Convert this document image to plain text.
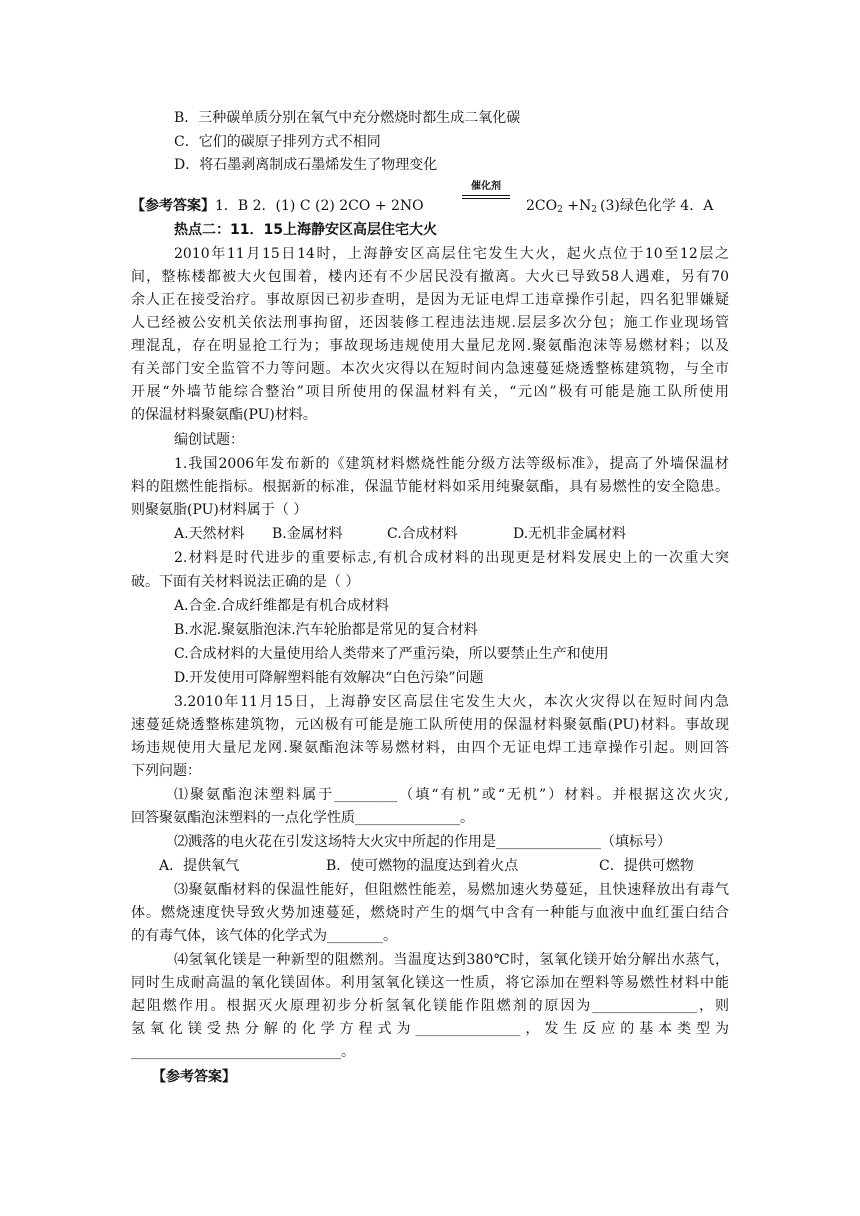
B．三种碳单质分别在氧气中充分燃烧时都生成二氧化碳
C．它们的碳原子排列方式不相同
D．将石墨剥离制成石墨烯发生了物理变化
【参考答案】1．B 2．(1) C (2) 2CO + 2NO
催化剂
$2CO_2 +N_2$ (3)绿色化学 4．A
热点二：11．15上海静安区高层住宅大火
2010年11月15日14时，上海静安区高层住宅发生大火，起火点位于10至12层之
间，整栋楼都被大火包围着，楼内还有不少居民没有撤离。大火已导致58人遇难，另有70
余人正在接受治疗。事故原因已初步查明，是因为无证电焊工违章操作引起，四名犯罪嫌疑
人已经被公安机关依法刑事拘留，还因装修工程违法违规.层层多次分包；施工作业现场管
理混乱，存在明显抢工行为；事故现场违规使用大量尼龙网.聚氨酯泡沫等易燃材料；以及
有关部门安全监管不力等问题。本次火灾得以在短时间内急速蔓延烧透整栋建筑物，与全市
开展“外墙节能综合整治”项目所使用的保温材料有关，“元凶”极有可能是施工队所使用
的保温材料聚氨酯(PU)材料。
编创试题：
1.我国2006年发布新的《建筑材料燃烧性能分级方法等级标准》，提高了外墙保温材
料的阻燃性能指标。根据新的标准，保温节能材料如采用纯聚氨酯，具有易燃性的安全隐患。
则聚氨脂(PU)材料属于（ ）
A.天然材料 B.金属材料	C.合成材料	D.无机非金属材料
2.材料是时代进步的重要标志,有机合成材料的出现更是材料发展史上的一次重大突
破。下面有关材料说法正确的是（ ）
A.合金.合成纤维都是有机合成材料
B.水泥.聚氨脂泡沫.汽车轮胎都是常见的复合材料
C.合成材料的大量使用给人类带来了严重污染，所以要禁止生产和使用
D.开发使用可降解塑料能有效解决“白色污染”问题
3.2010年11月15日，上海静安区高层住宅发生大火，本次火灾得以在短时间内急
速蔓延烧透整栋建筑物，元凶极有可能是施工队所使用的保温材料聚氨酯(PU)材料。事故现
场违规使用大量尼龙网.聚氨酯泡沫等易燃材料，由四个无证电焊工违章操作引起。则回答
下列问题：
⑴聚氨酯泡沫塑料属于_________（填“有机”或“无机”）材料。并根据这次火灾,
回答聚氨酯泡沫塑料的一点化学性质_______________。
⑵溅落的电火花在引发这场特大火灾中所起的作用是_______________（填标号）
A．提供氧气	B．使可燃物的温度达到着火点	C．提供可燃物
⑶聚氨酯材料的保温性能好，但阻燃性能差，易燃加速火势蔓延，且快速释放出有毒气
体。燃烧速度快导致火势加速蔓延，燃烧时产生的烟气中含有一种能与血液中血红蛋白结合
的有毒气体，该气体的化学式为________。
⑷氢氧化镁是一种新型的阻燃剂。当温度达到380℃时，氢氧化镁开始分解出水蒸气，
同时生成耐高温的氧化镁固体。利用氢氧化镁这一性质，将它添加在塑料等易燃性材料中能
起阻燃作用。根据灭火原理初步分析氢氧化镁能作阻燃剂的原因为_______________，则
氢氧化镁受热分解的化学方程式为_______________，发生反应的基本类型为
______________________________。
【参考答案】
